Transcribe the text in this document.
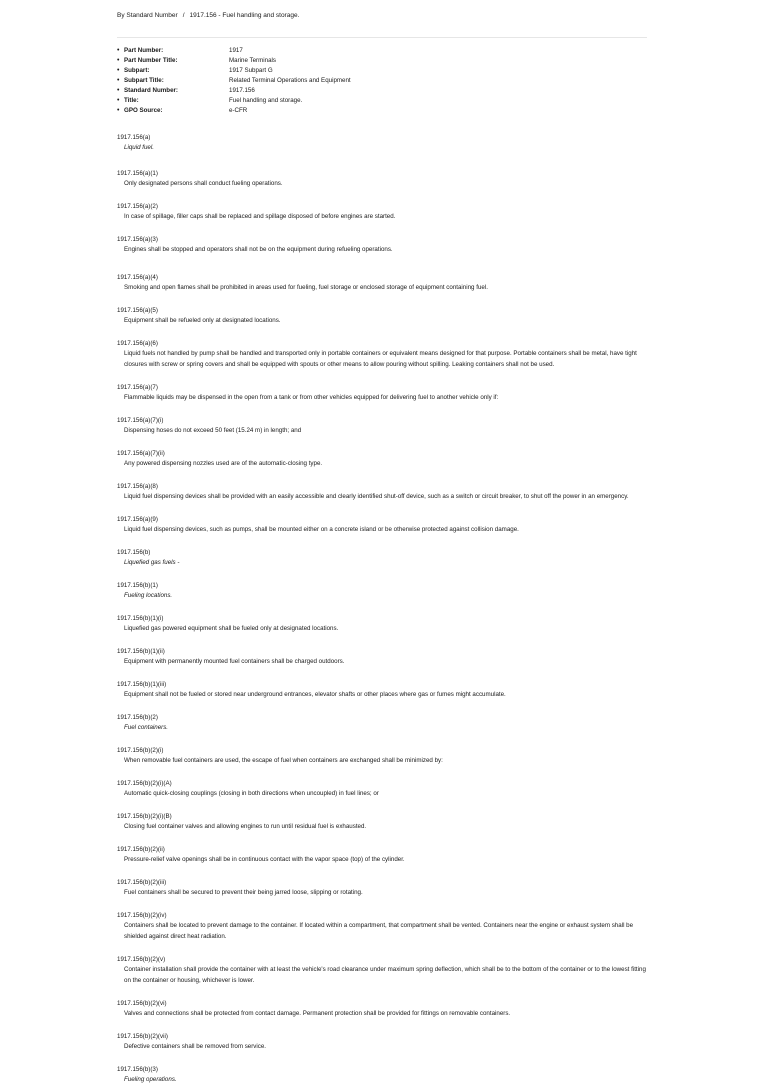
By Standard Number / 1917.156 - Fuel handling and storage.
• Part Number:	1917
• Part Number Title:	Marine Terminals
• Subpart:	1917 Subpart G
• Subpart Title:	Related Terminal Operations and Equipment
• Standard Number:	1917.156
• Title:	Fuel handling and storage.
• GPO Source:	e-CFR
1917.156(a)
Liquid fuel.
1917.156(a)(1)
Only designated persons shall conduct fueling operations.
1917.156(a)(2)
In case of spillage, filler caps shall be replaced and spillage disposed of before engines are started.
1917.156(a)(3)
Engines shall be stopped and operators shall not be on the equipment during refueling operations.
1917.156(a)(4)
Smoking and open flames shall be prohibited in areas used for fueling, fuel storage or enclosed storage of equipment containing fuel.
1917.156(a)(5)
Equipment shall be refueled only at designated locations.
1917.156(a)(6)
Liquid fuels not handled by pump shall be handled and transported only in portable containers or equivalent means designed for that purpose. Portable containers shall be metal, have tight closures with screw or spring covers and shall be equipped with spouts or other means to allow pouring without spilling. Leaking containers shall not be used.
1917.156(a)(7)
Flammable liquids may be dispensed in the open from a tank or from other vehicles equipped for delivering fuel to another vehicle only if:
1917.156(a)(7)(i)
Dispensing hoses do not exceed 50 feet (15.24 m) in length; and
1917.156(a)(7)(ii)
Any powered dispensing nozzles used are of the automatic-closing type.
1917.156(a)(8)
Liquid fuel dispensing devices shall be provided with an easily accessible and clearly identified shut-off device, such as a switch or circuit breaker, to shut off the power in an emergency.
1917.156(a)(9)
Liquid fuel dispensing devices, such as pumps, shall be mounted either on a concrete island or be otherwise protected against collision damage.
1917.156(b)
Liquefied gas fuels -
1917.156(b)(1)
Fueling locations.
1917.156(b)(1)(i)
Liquefied gas powered equipment shall be fueled only at designated locations.
1917.156(b)(1)(ii)
Equipment with permanently mounted fuel containers shall be charged outdoors.
1917.156(b)(1)(iii)
Equipment shall not be fueled or stored near underground entrances, elevator shafts or other places where gas or fumes might accumulate.
1917.156(b)(2)
Fuel containers.
1917.156(b)(2)(i)
When removable fuel containers are used, the escape of fuel when containers are exchanged shall be minimized by:
1917.156(b)(2)(i)(A)
Automatic quick-closing couplings (closing in both directions when uncoupled) in fuel lines; or
1917.156(b)(2)(i)(B)
Closing fuel container valves and allowing engines to run until residual fuel is exhausted.
1917.156(b)(2)(ii)
Pressure-relief valve openings shall be in continuous contact with the vapor space (top) of the cylinder.
1917.156(b)(2)(iii)
Fuel containers shall be secured to prevent their being jarred loose, slipping or rotating.
1917.156(b)(2)(iv)
Containers shall be located to prevent damage to the container. If located within a compartment, that compartment shall be vented. Containers near the engine or exhaust system shall be shielded against direct heat radiation.
1917.156(b)(2)(v)
Container installation shall provide the container with at least the vehicle's road clearance under maximum spring deflection, which shall be to the bottom of the container or to the lowest fitting on the container or housing, whichever is lower.
1917.156(b)(2)(vi)
Valves and connections shall be protected from contact damage. Permanent protection shall be provided for fittings on removable containers.
1917.156(b)(2)(vii)
Defective containers shall be removed from service.
1917.156(b)(3)
Fueling operations.
